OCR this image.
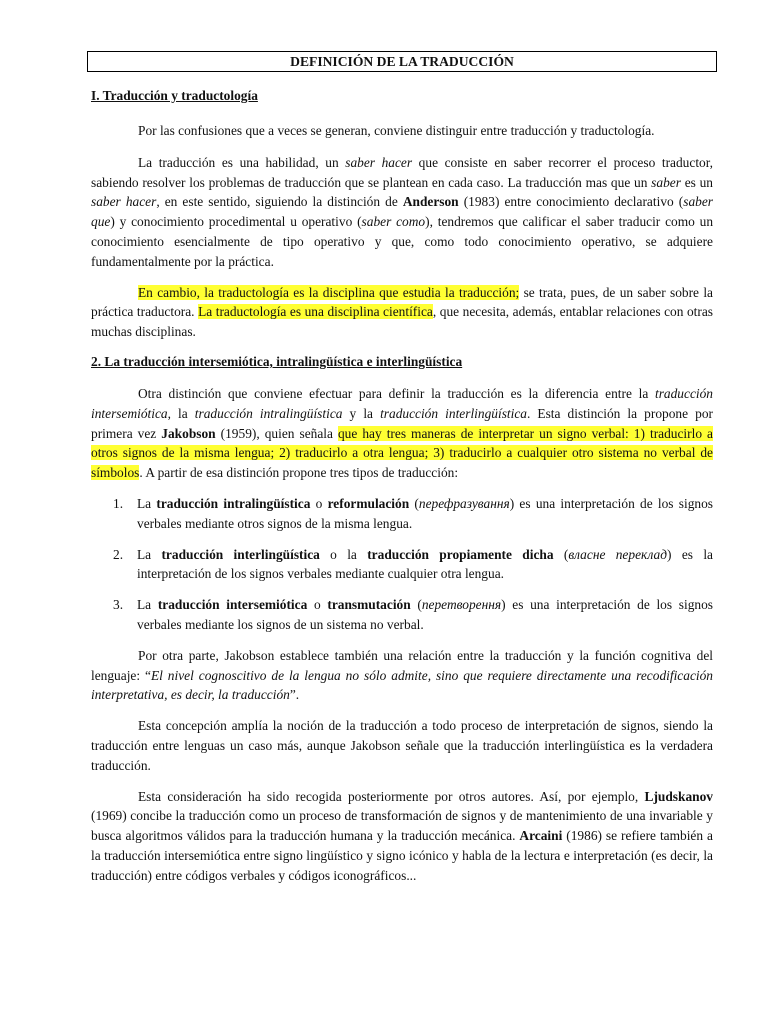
DEFINICIÓN DE LA TRADUCCIÓN

I. Traducción y traductología

Por las confusiones que a veces se generan, conviene distinguir entre traducción y traductología.

La traducción es una habilidad, un saber hacer que consiste en saber recorrer el proceso traductor, sabiendo resolver los problemas de traducción que se plantean en cada caso. La traducción mas que un saber es un saber hacer, en este sentido, siguiendo la distinción de Anderson (1983) entre conocimiento declarativo (saber que) y conocimiento procedimental u operativo (saber como), tendremos que calificar el saber traducir como un conocimiento esencialmente de tipo operativo y que, como todo conocimiento operativo, se adquiere fundamentalmente por la práctica.

En cambio, la traductología es la disciplina que estudia la traducción; se trata, pues, de un saber sobre la práctica traductora. La traductología es una disciplina científica, que necesita, además, entablar relaciones con otras muchas disciplinas.

2. La traducción intersemiótica, intralingüística e interlingüística

Otra distinción que conviene efectuar para definir la traducción es la diferencia entre la traducción intersemiótica, la traducción intralingüística y la traducción interlingüística. Esta distinción la propone por primera vez Jakobson (1959), quien señala que hay tres maneras de interpretar un signo verbal: 1) traducirlo a otros signos de la misma lengua; 2) traducirlo a otra lengua; 3) traducirlo a cualquier otro sistema no verbal de símbolos. A partir de esa distinción propone tres tipos de traducción:

1. La traducción intralingüística o reformulación (перефразування) es una interpretación de los signos verbales mediante otros signos de la misma lengua.
2. La traducción interlingüística o la traducción propiamente dicha (власне переклад) es la interpretación de los signos verbales mediante cualquier otra lengua.
3. La traducción intersemiótica o transmutación (перетворення) es una interpretación de los signos verbales mediante los signos de un sistema no verbal.

Por otra parte, Jakobson establece también una relación entre la traducción y la función cognitiva del lenguaje: “El nivel cognoscitivo de la lengua no sólo admite, sino que requiere directamente una recodificación interpretativa, es decir, la traducción”.

Esta concepción amplía la noción de la traducción a todo proceso de interpretación de signos, siendo la traducción entre lenguas un caso más, aunque Jakobson señale que la traducción interlingüística es la verdadera traducción.

Esta consideración ha sido recogida posteriormente por otros autores. Así, por ejemplo, Ljudskanov (1969) concibe la traducción como un proceso de transformación de signos y de mantenimiento de una invariable y busca algoritmos válidos para la traducción humana y la traducción mecánica. Arcaini (1986) se refiere también a la traducción intersemiótica entre signo lingüístico y signo icónico y habla de la lectura e interpretación (es decir, la traducción) entre códigos verbales y códigos iconográficos...
